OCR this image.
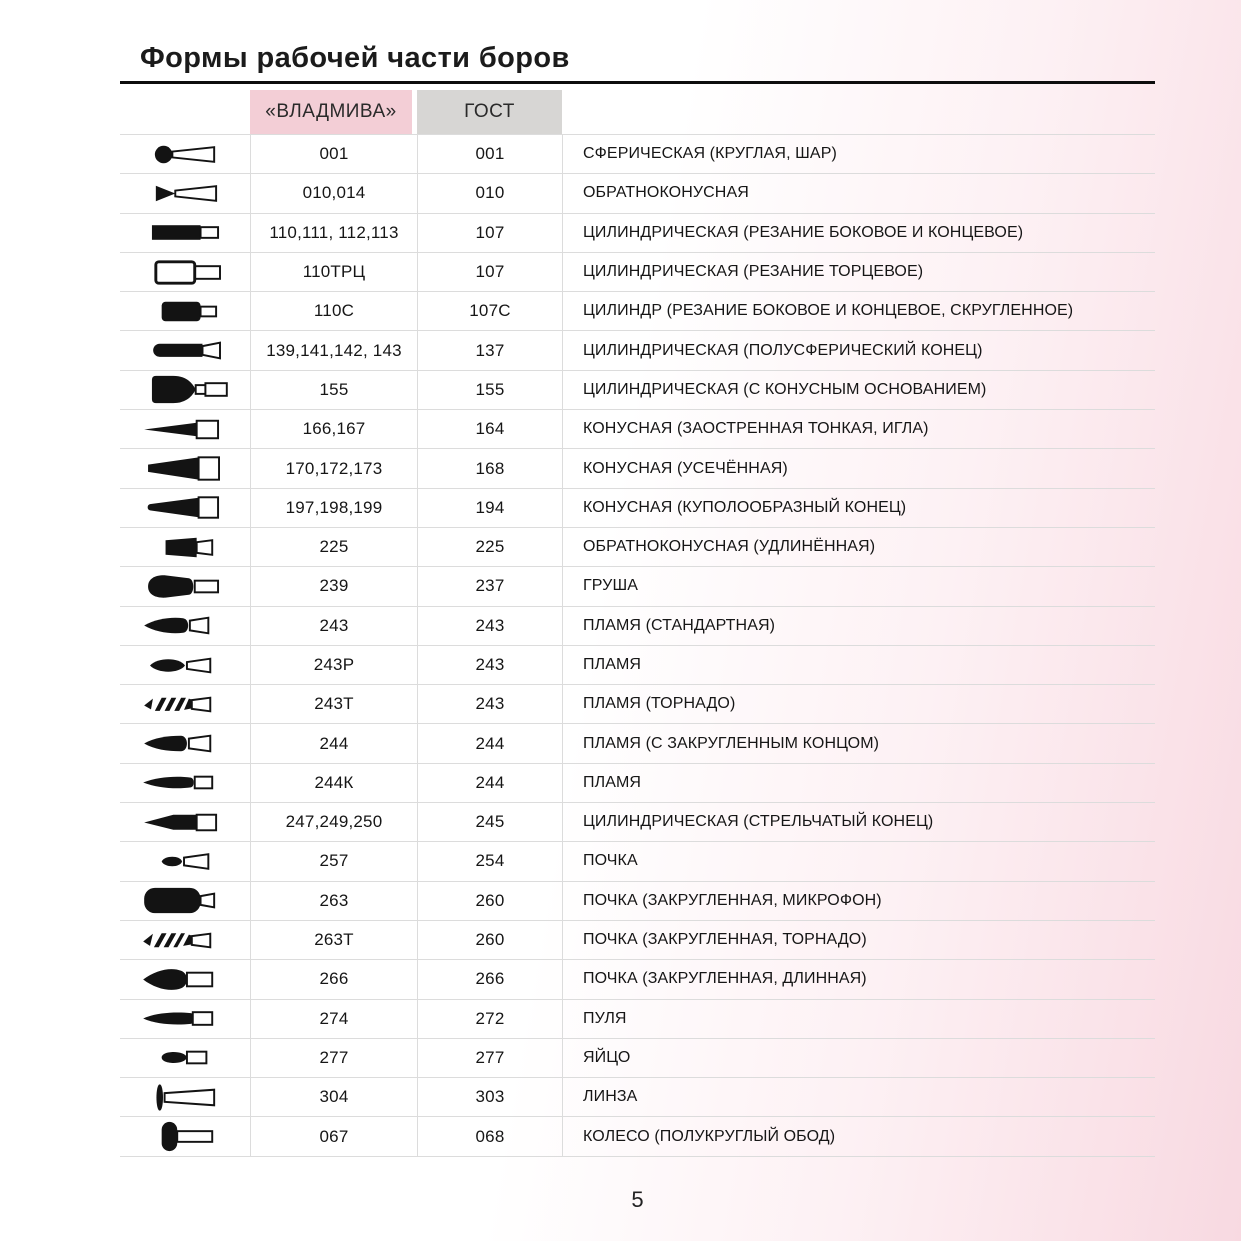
Формы рабочей части боров
«ВЛАДМИВА»	ГОСТ
001	001	СФЕРИЧЕСКАЯ (КРУГЛАЯ, ШАР)
010,014	010	ОБРАТНОКОНУСНАЯ
110,111, 112,113	107	ЦИЛИНДРИЧЕСКАЯ (РЕЗАНИЕ БОКОВОЕ И КОНЦЕВОЕ)
110ТРЦ	107	ЦИЛИНДРИЧЕСКАЯ (РЕЗАНИЕ ТОРЦЕВОЕ)
110С	107С	ЦИЛИНДР (РЕЗАНИЕ БОКОВОЕ И КОНЦЕВОЕ, СКРУГЛЕННОЕ)
139,141,142, 143	137	ЦИЛИНДРИЧЕСКАЯ (ПОЛУСФЕРИЧЕСКИЙ КОНЕЦ)
155	155	ЦИЛИНДРИЧЕСКАЯ (С КОНУСНЫМ ОСНОВАНИЕМ)
166,167	164	КОНУСНАЯ (ЗАОСТРЕННАЯ ТОНКАЯ, ИГЛА)
170,172,173	168	КОНУСНАЯ (УСЕЧЁННАЯ)
197,198,199	194	КОНУСНАЯ (КУПОЛООБРАЗНЫЙ КОНЕЦ)
225	225	ОБРАТНОКОНУСНАЯ (УДЛИНЁННАЯ)
239	237	ГРУША
243	243	ПЛАМЯ (СТАНДАРТНАЯ)
243Р	243	ПЛАМЯ
243Т	243	ПЛАМЯ (ТОРНАДО)
244	244	ПЛАМЯ (С ЗАКРУГЛЕННЫМ КОНЦОМ)
244К	244	ПЛАМЯ
247,249,250	245	ЦИЛИНДРИЧЕСКАЯ (СТРЕЛЬЧАТЫЙ КОНЕЦ)
257	254	ПОЧКА
263	260	ПОЧКА (ЗАКРУГЛЕННАЯ, МИКРОФОН)
263Т	260	ПОЧКА (ЗАКРУГЛЕННАЯ, ТОРНАДО)
266	266	ПОЧКА (ЗАКРУГЛЕННАЯ, ДЛИННАЯ)
274	272	ПУЛЯ
277	277	ЯЙЦО
304	303	ЛИНЗА
067	068	КОЛЕСО (ПОЛУКРУГЛЫЙ ОБОД)
5
